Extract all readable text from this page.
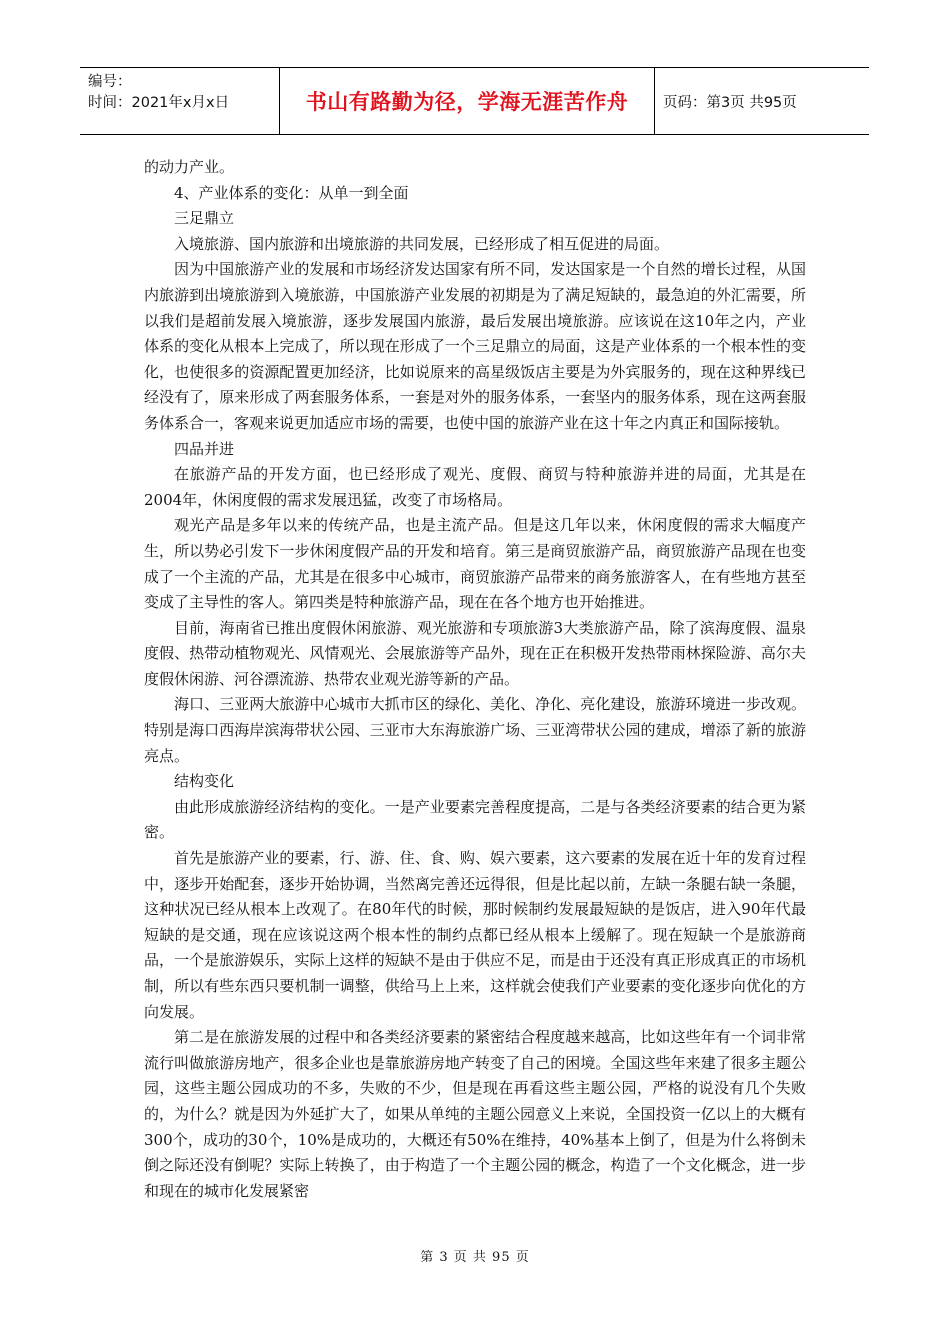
编号：
时间：2021年x月x日	书山有路勤为径，学海无涯苦作舟 页码：第3页 共95页

的动力产业。

4、产业体系的变化：从单一到全面

三足鼎立

入境旅游、国内旅游和出境旅游的共同发展，已经形成了相互促进的局面。

因为中国旅游产业的发展和市场经济发达国家有所不同，发达国家是一个自然的增长过程，从国内旅游到出境旅游到入境旅游，中国旅游产业发展的初期是为了满足短缺的，最急迫的外汇需要，所以我们是超前发展入境旅游，逐步发展国内旅游，最后发展出境旅游。应该说在这10年之内，产业体系的变化从根本上完成了，所以现在形成了一个三足鼎立的局面，这是产业体系的一个根本性的变化，也使很多的资源配置更加经济，比如说原来的高星级饭店主要是为外宾服务的，现在这种界线已经没有了，原来形成了两套服务体系，一套是对外的服务体系，一套坚内的服务体系，现在这两套服务体系合一，客观来说更加适应市场的需要，也使中国的旅游产业在这十年之内真正和国际接轨。

四品并进

在旅游产品的开发方面，也已经形成了观光、度假、商贸与特种旅游并进的局面，尤其是在2004年，休闲度假的需求发展迅猛，改变了市场格局。

观光产品是多年以来的传统产品，也是主流产品。但是这几年以来，休闲度假的需求大幅度产生，所以势必引发下一步休闲度假产品的开发和培育。第三是商贸旅游产品，商贸旅游产品现在也变成了一个主流的产品，尤其是在很多中心城市，商贸旅游产品带来的商务旅游客人，在有些地方甚至变成了主导性的客人。第四类是特种旅游产品，现在在各个地方也开始推进。

目前，海南省已推出度假休闲旅游、观光旅游和专项旅游3大类旅游产品，除了滨海度假、温泉度假、热带动植物观光、风情观光、会展旅游等产品外，现在正在积极开发热带雨林探险游、高尔夫度假休闲游、河谷漂流游、热带农业观光游等新的产品。

海口、三亚两大旅游中心城市大抓市区的绿化、美化、净化、亮化建设，旅游环境进一步改观。特别是海口西海岸滨海带状公园、三亚市大东海旅游广场、三亚湾带状公园的建成，增添了新的旅游亮点。

结构变化

由此形成旅游经济结构的变化。一是产业要素完善程度提高，二是与各类经济要素的结合更为紧密。

首先是旅游产业的要素，行、游、住、食、购、娱六要素，这六要素的发展在近十年的发育过程中，逐步开始配套，逐步开始协调，当然离完善还远得很，但是比起以前，左缺一条腿右缺一条腿，这种状况已经从根本上改观了。在80年代的时候，那时候制约发展最短缺的是饭店，进入90年代最短缺的是交通，现在应该说这两个根本性的制约点都已经从根本上缓解了。现在短缺一个是旅游商品，一个是旅游娱乐，实际上这样的短缺不是由于供应不足，而是由于还没有真正形成真正的市场机制，所以有些东西只要机制一调整，供给马上上来，这样就会使我们产业要素的变化逐步向优化的方向发展。

第二是在旅游发展的过程中和各类经济要素的紧密结合程度越来越高，比如这些年有一个词非常流行叫做旅游房地产，很多企业也是靠旅游房地产转变了自己的困境。全国这些年来建了很多主题公园，这些主题公园成功的不多，失败的不少，但是现在再看这些主题公园，严格的说没有几个失败的，为什么？就是因为外延扩大了，如果从单纯的主题公园意义上来说，全国投资一亿以上的大概有300个，成功的30个，10%是成功的，大概还有50%在维持，40%基本上倒了，但是为什么将倒未倒之际还没有倒呢？实际上转换了，由于构造了一个主题公园的概念，构造了一个文化概念，进一步和现在的城市化发展紧密

第 3 页 共 95 页
